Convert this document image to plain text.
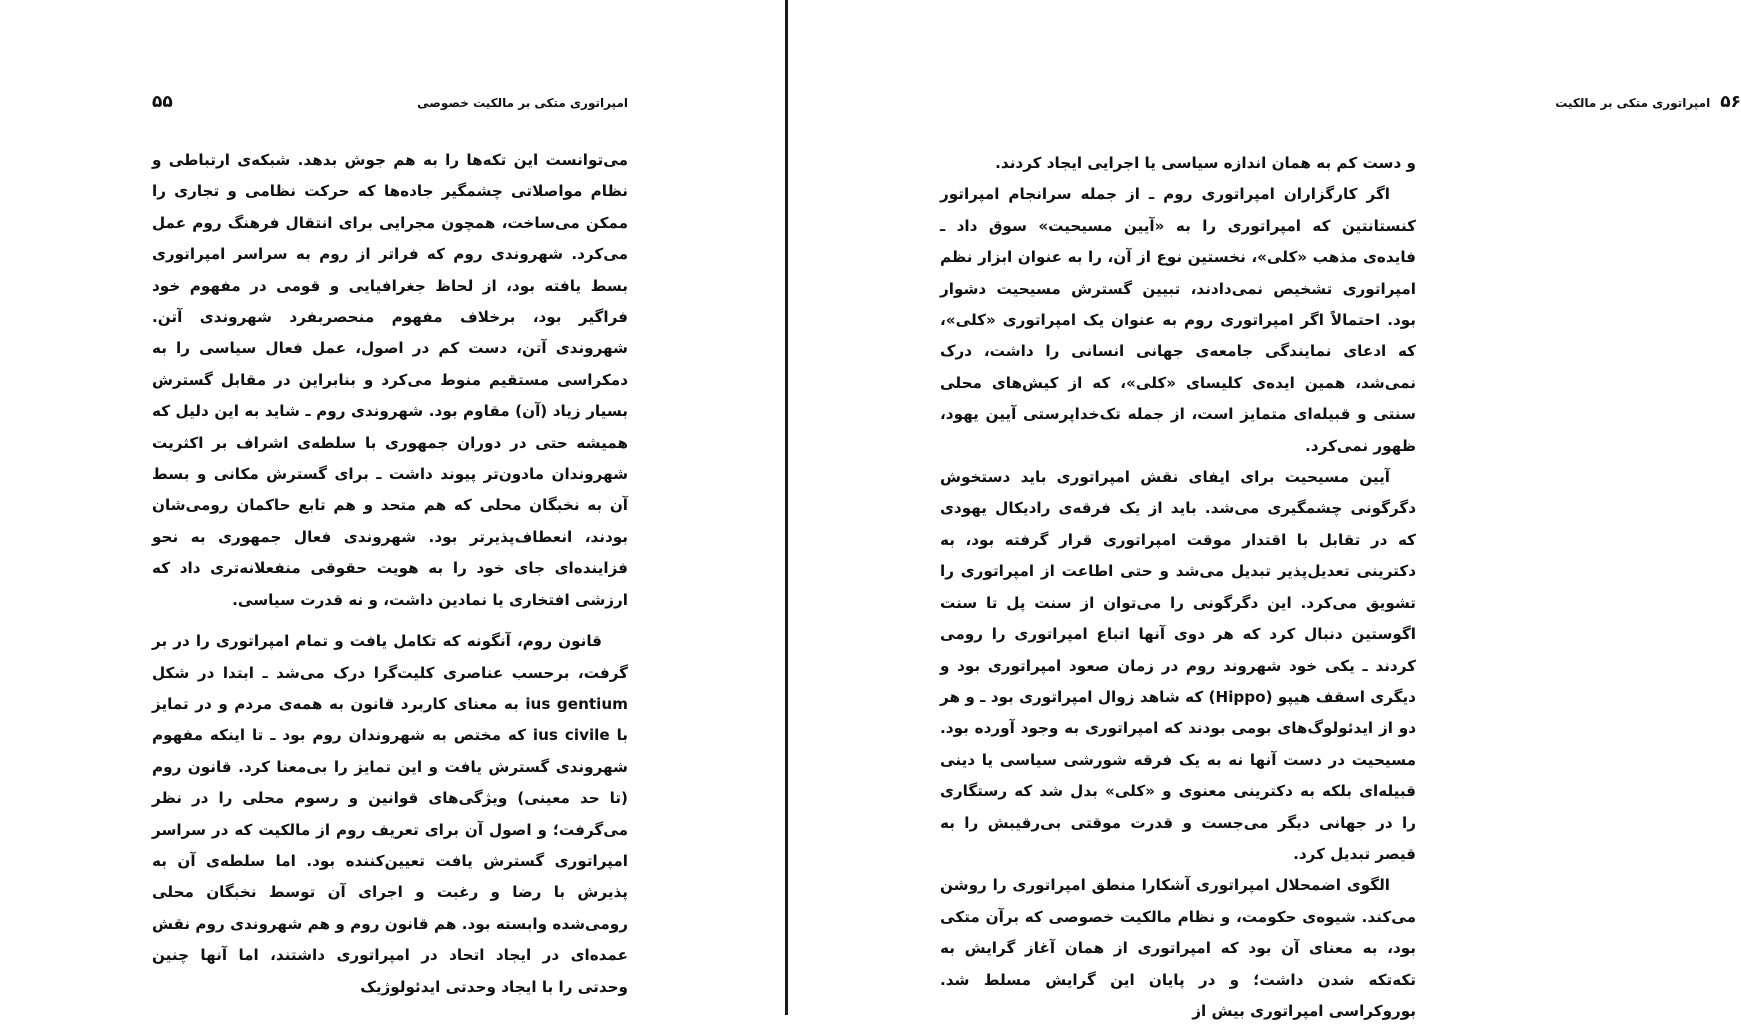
امپراتوری متکی بر مالکیت خصوصی
۵۵

می‌توانست این تکه‌ها را به هم جوش بدهد. شبکه‌ی ارتباطی و نظام مواصلاتی چشمگیر جاده‌ها که حرکت نظامی و تجاری را ممکن می‌ساخت، همچون مجرایی برای انتقال فرهنگ روم عمل می‌کرد. شهروندی روم که فراتر از روم به سراسر امپراتوری بسط یافته بود، از لحاظ جغرافیایی و قومی در مفهوم خود فراگیر بود، برخلاف مفهوم منحصربفرد شهروندی آتن. شهروندی آتن، دست کم در اصول، عمل فعال سیاسی را به دمکراسی مستقیم منوط می‌کرد و بنابراین در مقابل گسترش بسیار زیاد (آن) مقاوم بود. شهروندی روم ـ شاید به این دلیل که همیشه حتی در دوران جمهوری با سلطه‌ی اشراف بر اکثریت شهروندان مادون‌تر پیوند داشت ـ برای گسترش مکانی و بسط آن به نخبگان محلی که هم متحد و هم تابع حاکمان رومی‌شان بودند، انعطاف‌پذیرتر بود. شهروندی فعال جمهوری به نحو فزاینده‌ای جای خود را به هویت حقوقی منفعلانه‌تری داد که ارزشی افتخاری یا نمادین داشت، و نه قدرت سیاسی.

قانون روم، آنگونه که تکامل یافت و تمام امپراتوری را در بر گرفت، برحسب عناصری کلیت‌گرا درک می‌شد ـ ابتدا در شکل ius gentium به معنای کاربرد قانون به همه‌ی مردم و در تمایز با ius civile که مختص به شهروندان روم بود ـ تا اینکه مفهوم شهروندی گسترش یافت و این تمایز را بی‌معنا کرد. قانون روم (تا حد معینی) ویژگی‌های قوانین و رسوم محلی را در نظر می‌گرفت؛ و اصول آن برای تعریف روم از مالکیت که در سراسر امپراتوری گسترش یافت تعیین‌کننده بود. اما سلطه‌ی آن به پذیرش با رضا و رغبت و اجرای آن توسط نخبگان محلی رومی‌شده وابسته بود. هم قانون روم و هم شهروندی روم نقش عمده‌ای در ایجاد اتحاد در امپراتوری داشتند، اما آنها چنین وحدتی را با ایجاد وحدتی ایدئولوژیک

۵۶
امپراتوری متکی بر مالکیت

و دست کم به همان اندازه سیاسی یا اجرایی ایجاد کردند.

اگر کارگزاران امپراتوری روم ـ از جمله سرانجام امپراتور کنستانتین که امپراتوری را به «آیین مسیحیت» سوق داد ـ فایده‌ی مذهب «کلی»، نخستین نوع از آن، را به عنوان ابزار نظم امپراتوری تشخیص نمی‌دادند، تبیین گسترش مسیحیت دشوار بود. احتمالاً اگر امپراتوری روم به عنوان یک امپراتوری «کلی»، که ادعای نمایندگی جامعه‌ی جهانی انسانی را داشت، درک نمی‌شد، همین ایده‌ی کلیسای «کلی»، که از کیش‌های محلی سنتی و قبیله‌ای متمایز است، از جمله تک‌خداپرستی آیین یهود، ظهور نمی‌کرد.

آیین مسیحیت برای ایفای نقش امپراتوری باید دستخوش دگرگونی چشمگیری می‌شد. باید از یک فرقه‌ی رادیکال یهودی که در تقابل با اقتدار موقت امپراتوری قرار گرفته بود، به دکترینی تعدیل‌پذیر تبدیل می‌شد و حتی اطاعت از امپراتوری را تشویق می‌کرد. این دگرگونی را می‌توان از سنت پل تا سنت اگوستین دنبال کرد که هر دوی آنها اتباع امپراتوری را رومی کردند ـ یکی خود شهروند روم در زمان صعود امپراتوری بود و دیگری اسقف هیپو (Hippo) که شاهد زوال امپراتوری بود ـ و هر دو از ایدئولوگ‌های بومی بودند که امپراتوری به وجود آورده بود. مسیحیت در دست آنها نه به یک فرقه شورشی سیاسی یا دینی قبیله‌ای بلکه به دکترینی معنوی و «کلی» بدل شد که رستگاری را در جهانی دیگر می‌جست و قدرت موقتی بی‌رقیبش را به قیصر تبدیل کرد.

الگوی اضمحلال امپراتوری آشکارا منطق امپراتوری را روشن می‌کند. شیوه‌ی حکومت، و نظام مالکیت خصوصی که برآن متکی بود، به معنای آن بود که امپراتوری از همان آغاز گرایش به تکه‌تکه شدن داشت؛ و در پایان این گرایش مسلط شد. بوروکراسی امپراتوری بیش از
